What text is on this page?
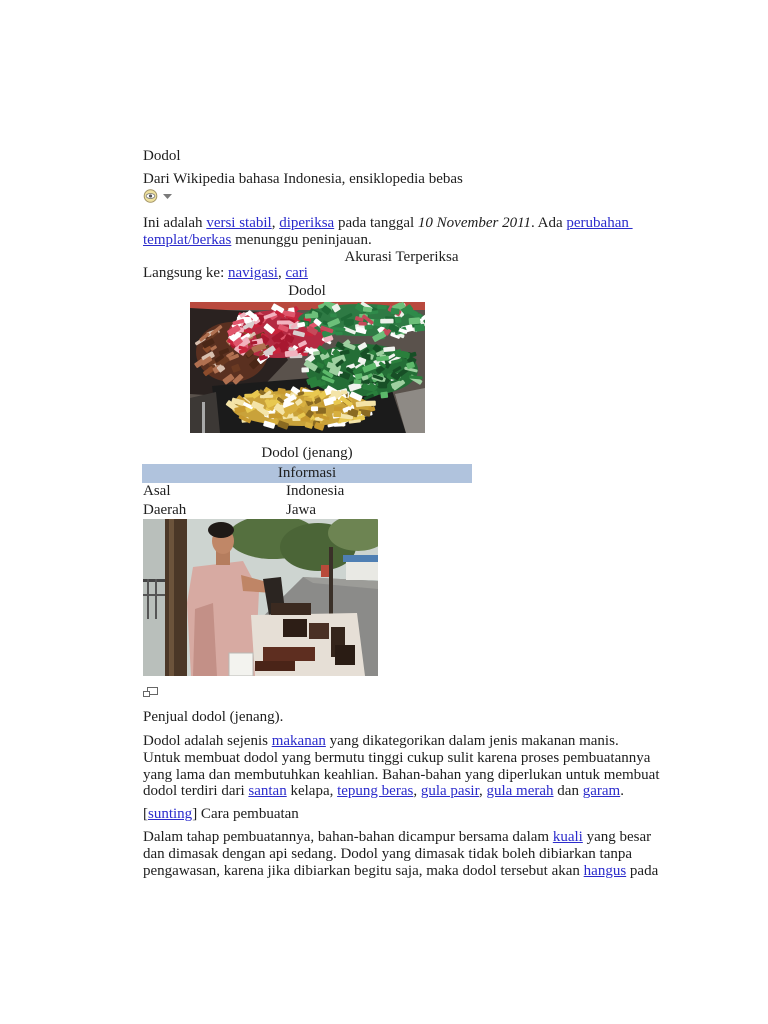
Dodol
Dari Wikipedia bahasa Indonesia, ensiklopedia bebas
Ini adalah versi stabil, diperiksa pada tanggal 10 November 2011. Ada perubahan
templat/berkas menunggu peninjauan.
Akurasi Terperiksa
Langsung ke: navigasi, cari
Dodol
Dodol (jenang)
Informasi
Asal	Indonesia
Daerah	Jawa
Penjual dodol (jenang).
Dodol adalah sejenis makanan yang dikategorikan dalam jenis makanan manis.
Untuk membuat dodol yang bermutu tinggi cukup sulit karena proses pembuatannya
yang lama dan membutuhkan keahlian. Bahan-bahan yang diperlukan untuk membuat
dodol terdiri dari santan kelapa, tepung beras, gula pasir, gula merah dan garam.
[sunting] Cara pembuatan
Dalam tahap pembuatannya, bahan-bahan dicampur bersama dalam kuali yang besar
dan dimasak dengan api sedang. Dodol yang dimasak tidak boleh dibiarkan tanpa
pengawasan, karena jika dibiarkan begitu saja, maka dodol tersebut akan hangus pada
